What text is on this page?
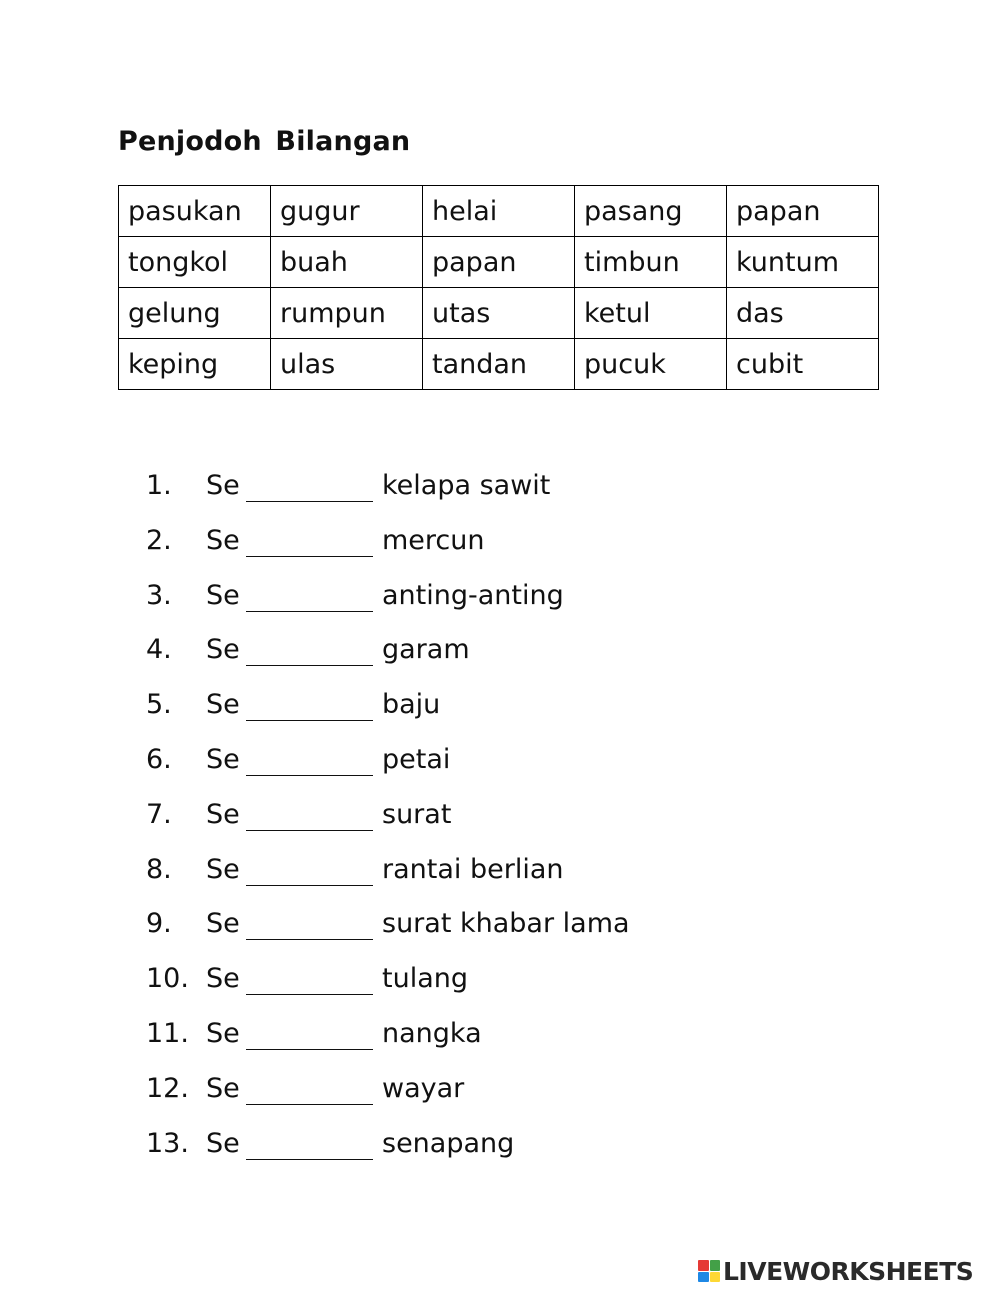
Penjodoh Bilangan
pasukan	gugur	helai	pasang	papan
tongkol	buah	papan	timbun	kuntum
gelung	rumpun	utas	ketul	das
keping	ulas	tandan	pucuk	cubit
1. Se	kelapa sawit
2. Se	mercun
3. Se	anting-anting
4. Se	garam
5. Se	baju
6. Se	petai
7. Se	surat
8. Se	rantai berlian
9. Se	surat khabar lama
10. Se	tulang
11. Se	nangka
12. Se	wayar
13. Se	senapang
LIVEWORKSHEETS
